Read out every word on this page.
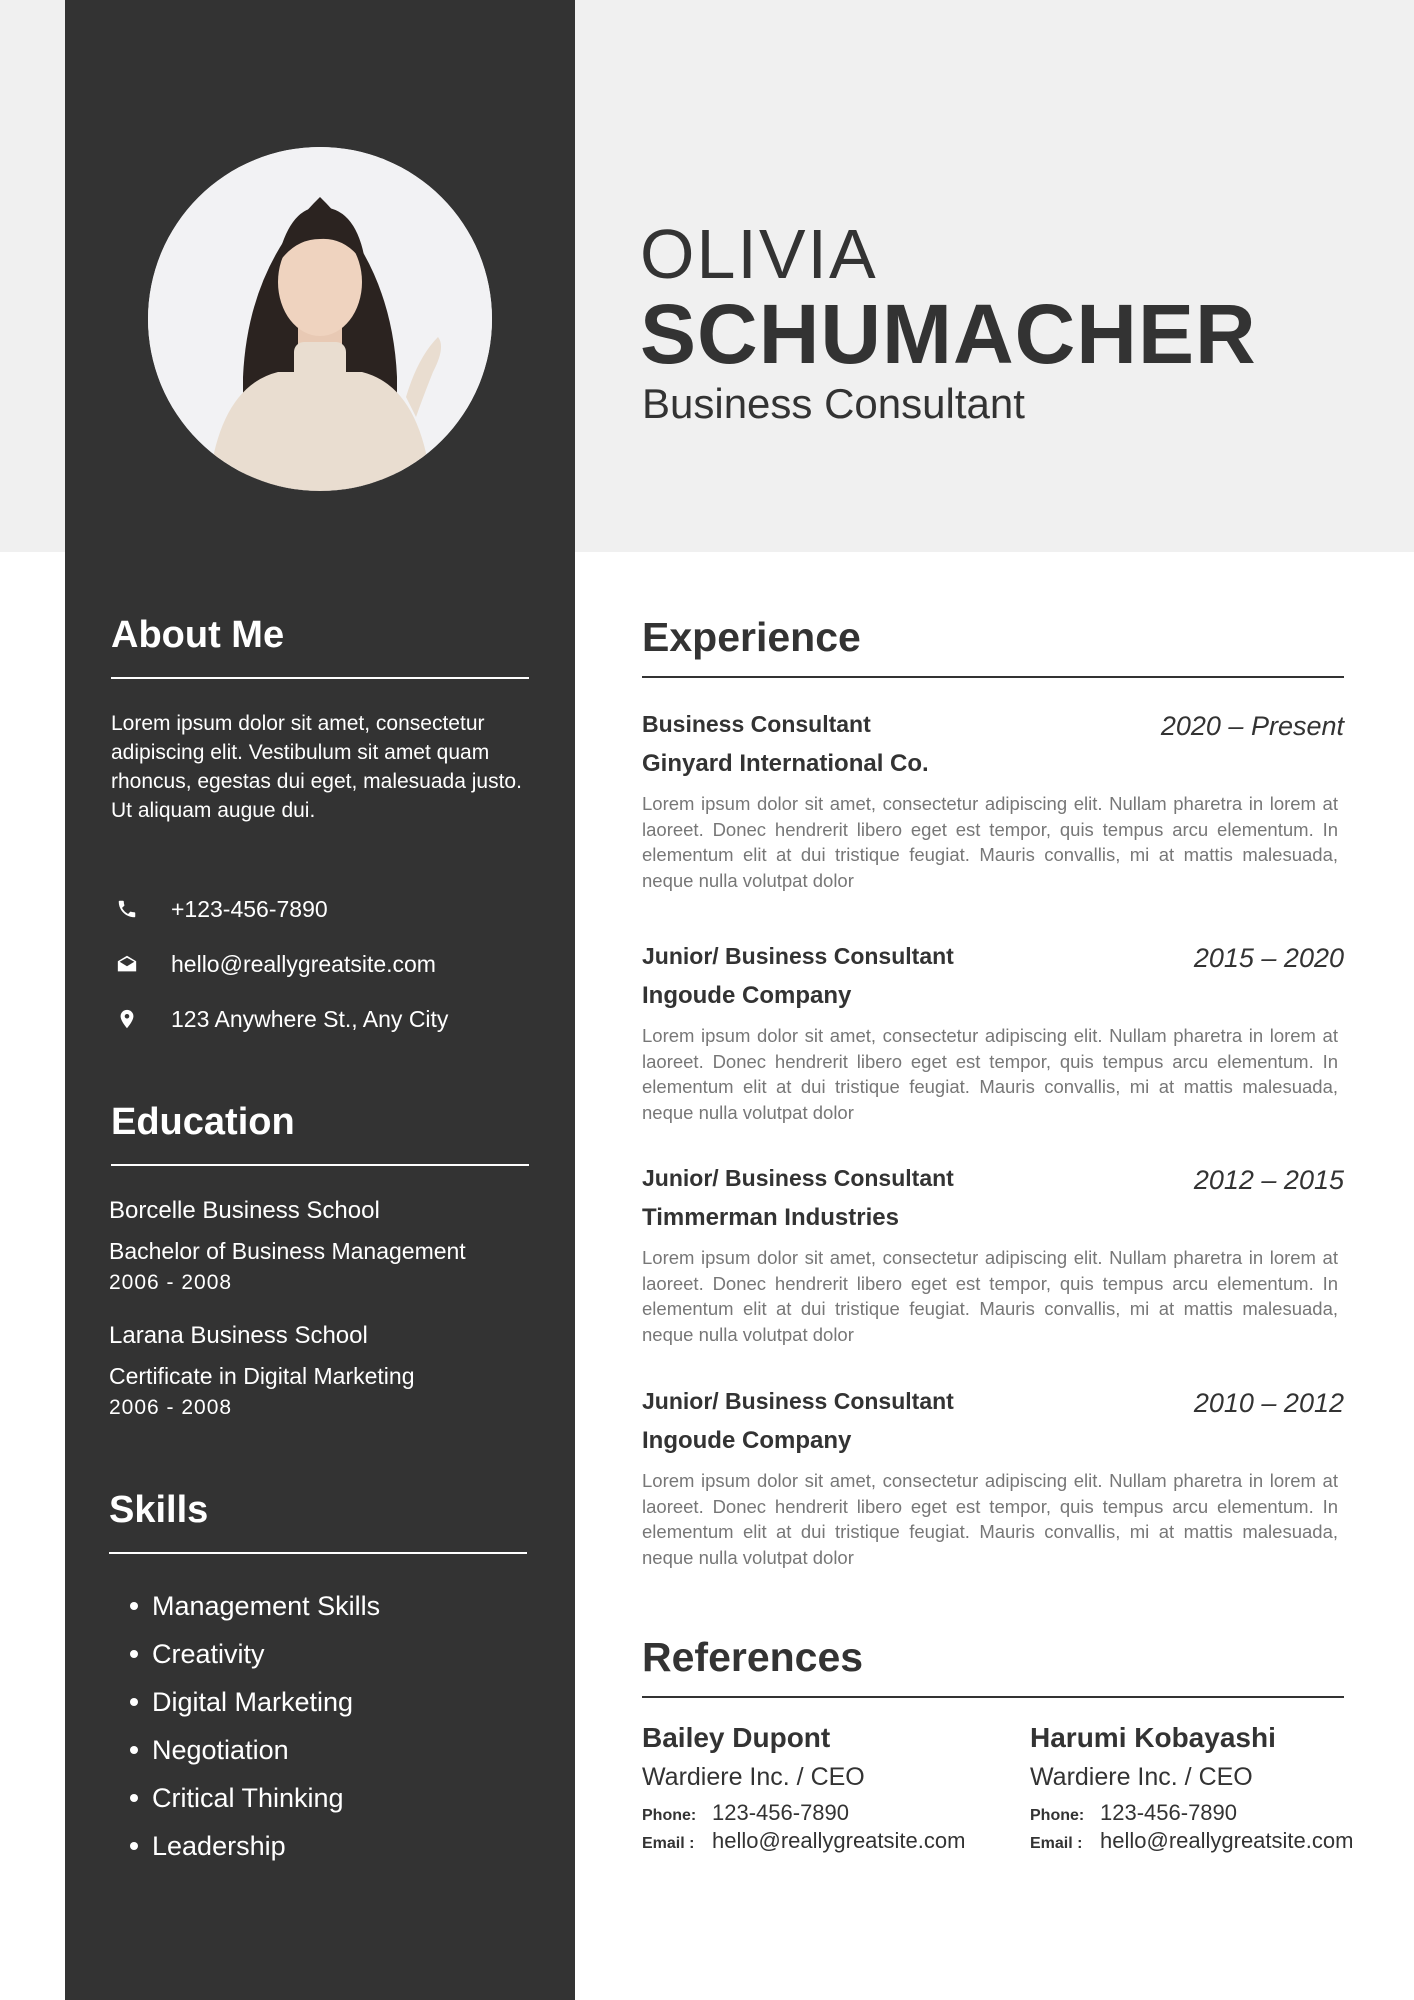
OLIVIA
SCHUMACHER
Business Consultant
About Me
Lorem ipsum dolor sit amet, consectetur adipiscing elit. Vestibulum sit amet quam rhoncus, egestas dui eget, malesuada justo. Ut aliquam augue dui.
+123-456-7890
hello@reallygreatsite.com
123 Anywhere St., Any City
Education
Borcelle Business School
Bachelor of Business Management
2006 - 2008
Larana Business School
Certificate in Digital Marketing
2006 - 2008
Skills
Management Skills
Creativity
Digital Marketing
Negotiation
Critical Thinking
Leadership
Experience
Business Consultant	2020 – Present
Ginyard International Co.
Lorem ipsum dolor sit amet, consectetur adipiscing elit. Nullam pharetra in lorem at laoreet. Donec hendrerit libero eget est tempor, quis tempus arcu elementum. In elementum elit at dui tristique feugiat. Mauris convallis, mi at mattis malesuada, neque nulla volutpat dolor
Junior/ Business Consultant	2015 – 2020
Ingoude Company
Lorem ipsum dolor sit amet, consectetur adipiscing elit. Nullam pharetra in lorem at laoreet. Donec hendrerit libero eget est tempor, quis tempus arcu elementum. In elementum elit at dui tristique feugiat. Mauris convallis, mi at mattis malesuada, neque nulla volutpat dolor
Junior/ Business Consultant	2012 – 2015
Timmerman Industries
Lorem ipsum dolor sit amet, consectetur adipiscing elit. Nullam pharetra in lorem at laoreet. Donec hendrerit libero eget est tempor, quis tempus arcu elementum. In elementum elit at dui tristique feugiat. Mauris convallis, mi at mattis malesuada, neque nulla volutpat dolor
Junior/ Business Consultant	2010 – 2012
Ingoude Company
Lorem ipsum dolor sit amet, consectetur adipiscing elit. Nullam pharetra in lorem at laoreet. Donec hendrerit libero eget est tempor, quis tempus arcu elementum. In elementum elit at dui tristique feugiat. Mauris convallis, mi at mattis malesuada, neque nulla volutpat dolor
References
Bailey Dupont
Wardiere Inc. / CEO
Phone: 123-456-7890
Email : hello@reallygreatsite.com
Harumi Kobayashi
Wardiere Inc. / CEO
Phone: 123-456-7890
Email : hello@reallygreatsite.com
